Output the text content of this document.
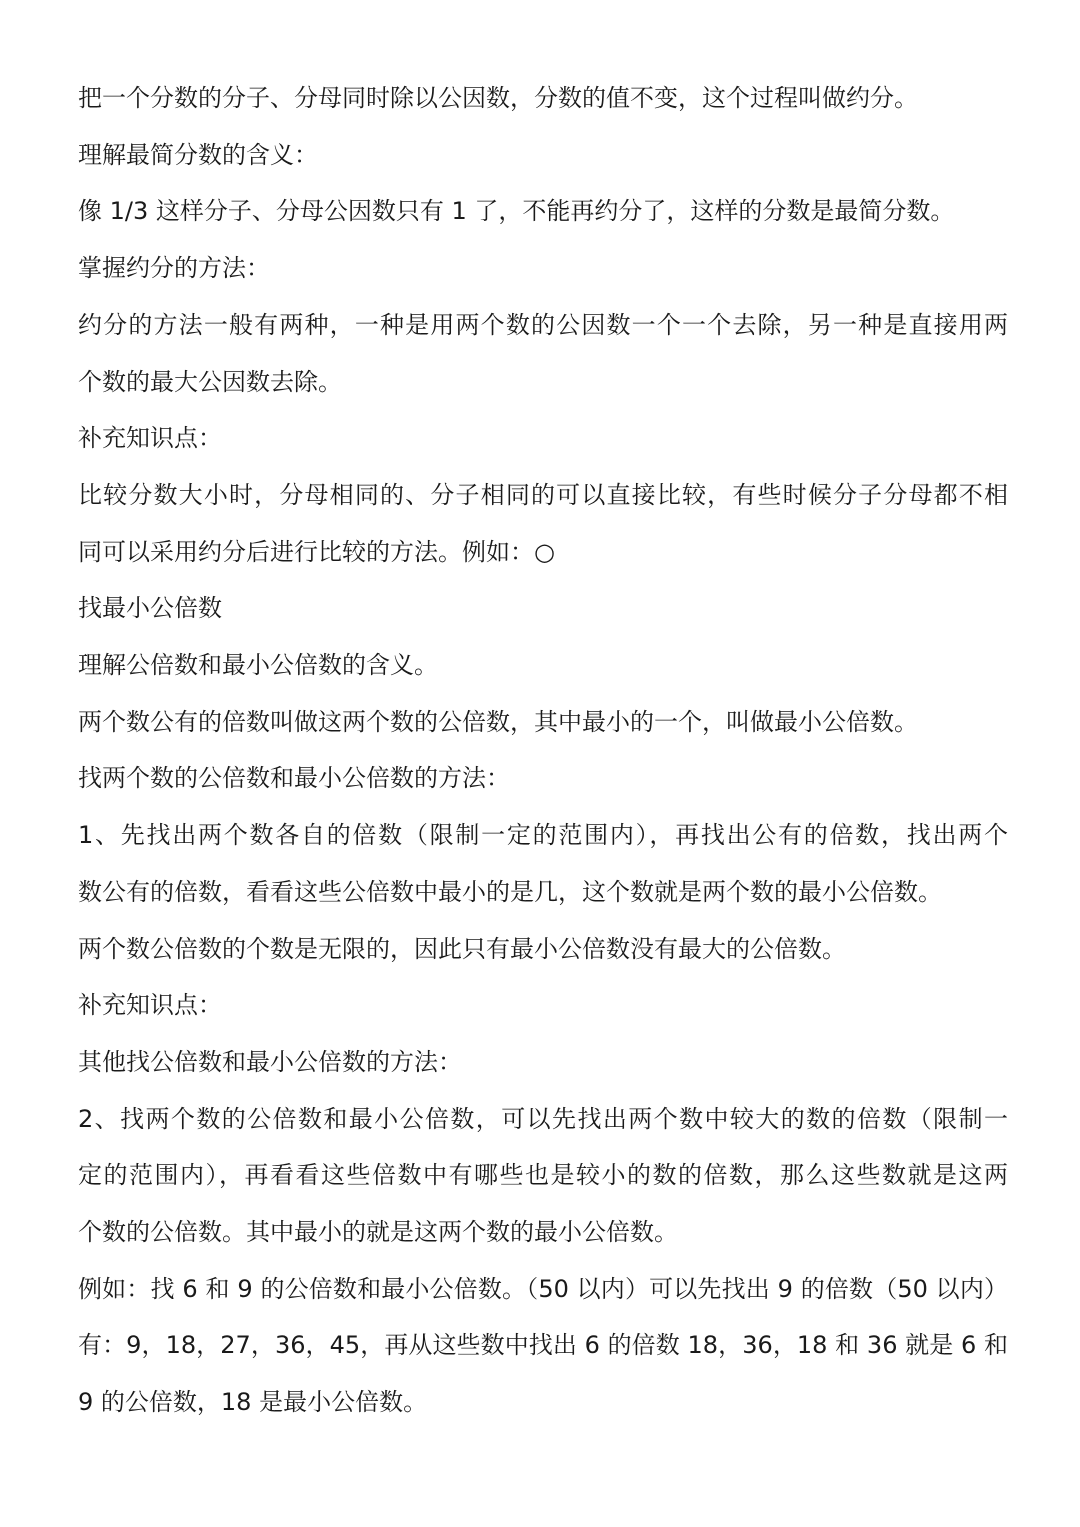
把一个分数的分子、分母同时除以公因数，分数的值不变，这个过程叫做约分。

理解最简分数的含义：

像 1/3 这样分子、分母公因数只有 1 了，不能再约分了，这样的分数是最简分数。

掌握约分的方法：

约分的方法一般有两种，一种是用两个数的公因数一个一个去除，另一种是直接用两

个数的最大公因数去除。

补充知识点：

比较分数大小时，分母相同的、分子相同的可以直接比较，有些时候分子分母都不相

同可以采用约分后进行比较的方法。例如：○

找最小公倍数

理解公倍数和最小公倍数的含义。

两个数公有的倍数叫做这两个数的公倍数，其中最小的一个，叫做最小公倍数。

找两个数的公倍数和最小公倍数的方法：

1、先找出两个数各自的倍数（限制一定的范围内），再找出公有的倍数，找出两个

数公有的倍数，看看这些公倍数中最小的是几，这个数就是两个数的最小公倍数。

两个数公倍数的个数是无限的，因此只有最小公倍数没有最大的公倍数。

补充知识点：

其他找公倍数和最小公倍数的方法：

2、找两个数的公倍数和最小公倍数，可以先找出两个数中较大的数的倍数（限制一

定的范围内），再看看这些倍数中有哪些也是较小的数的倍数，那么这些数就是这两

个数的公倍数。其中最小的就是这两个数的最小公倍数。

例如：找 6 和 9 的公倍数和最小公倍数。（50 以内）可以先找出 9 的倍数（50 以内）

有：9，18，27，36，45，再从这些数中找出 6 的倍数 18，36，18 和 36 就是 6 和

9 的公倍数，18 是最小公倍数。
